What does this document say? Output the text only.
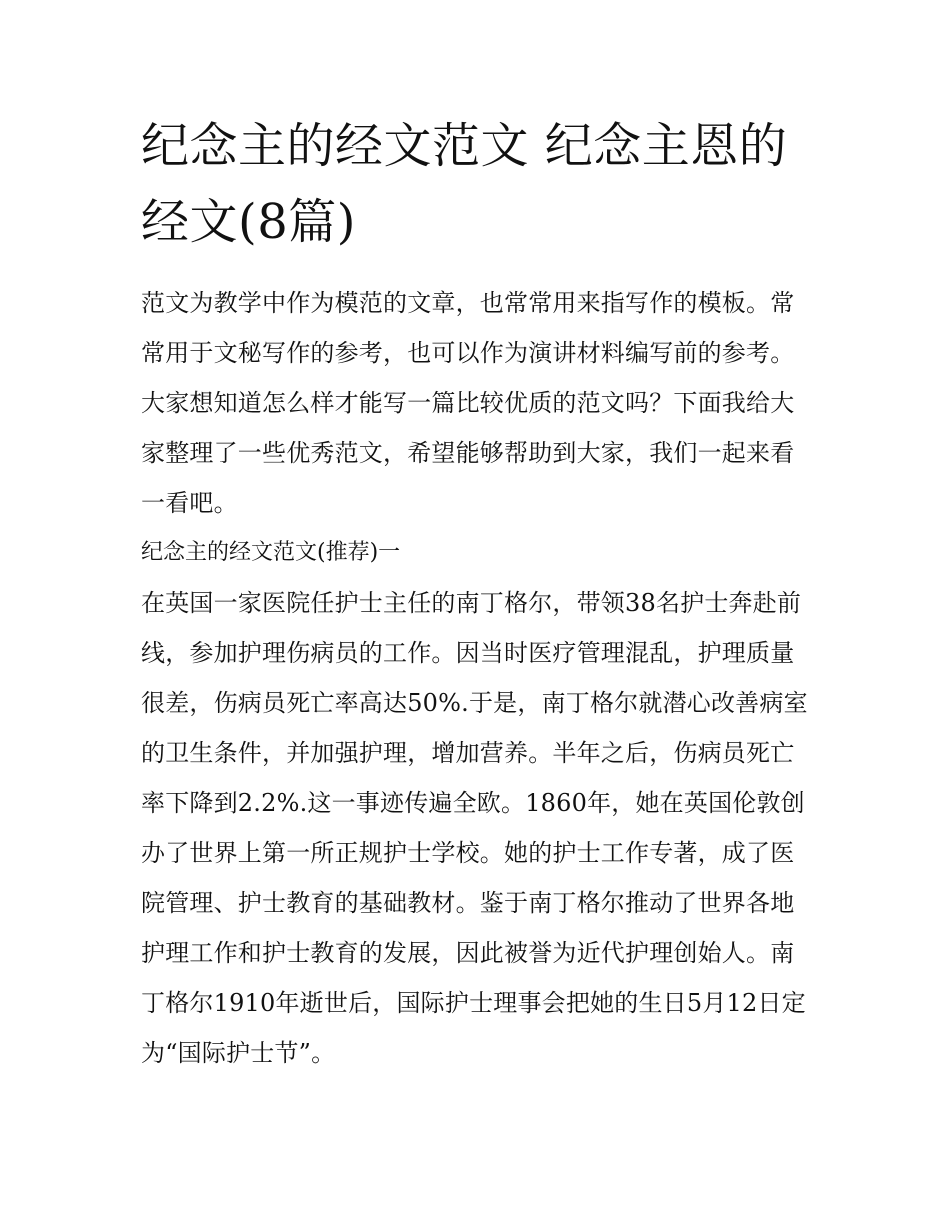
纪念主的经文范文 纪念主恩的经文(8篇)

范文为教学中作为模范的文章，也常常用来指写作的模板。常常用于文秘写作的参考，也可以作为演讲材料编写前的参考。大家想知道怎么样才能写一篇比较优质的范文吗？下面我给大家整理了一些优秀范文，希望能够帮助到大家，我们一起来看一看吧。

纪念主的经文范文(推荐)一

在英国一家医院任护士主任的南丁格尔，带领38名护士奔赴前线，参加护理伤病员的工作。因当时医疗管理混乱，护理质量很差，伤病员死亡率高达50%.于是，南丁格尔就潜心改善病室的卫生条件，并加强护理，增加营养。半年之后，伤病员死亡率下降到2.2%.这一事迹传遍全欧。1860年，她在英国伦敦创办了世界上第一所正规护士学校。她的护士工作专著，成了医院管理、护士教育的基础教材。鉴于南丁格尔推动了世界各地护理工作和护士教育的发展，因此被誉为近代护理创始人。南丁格尔1910年逝世后，国际护士理事会把她的生日5月12日定为“国际护士节”。
